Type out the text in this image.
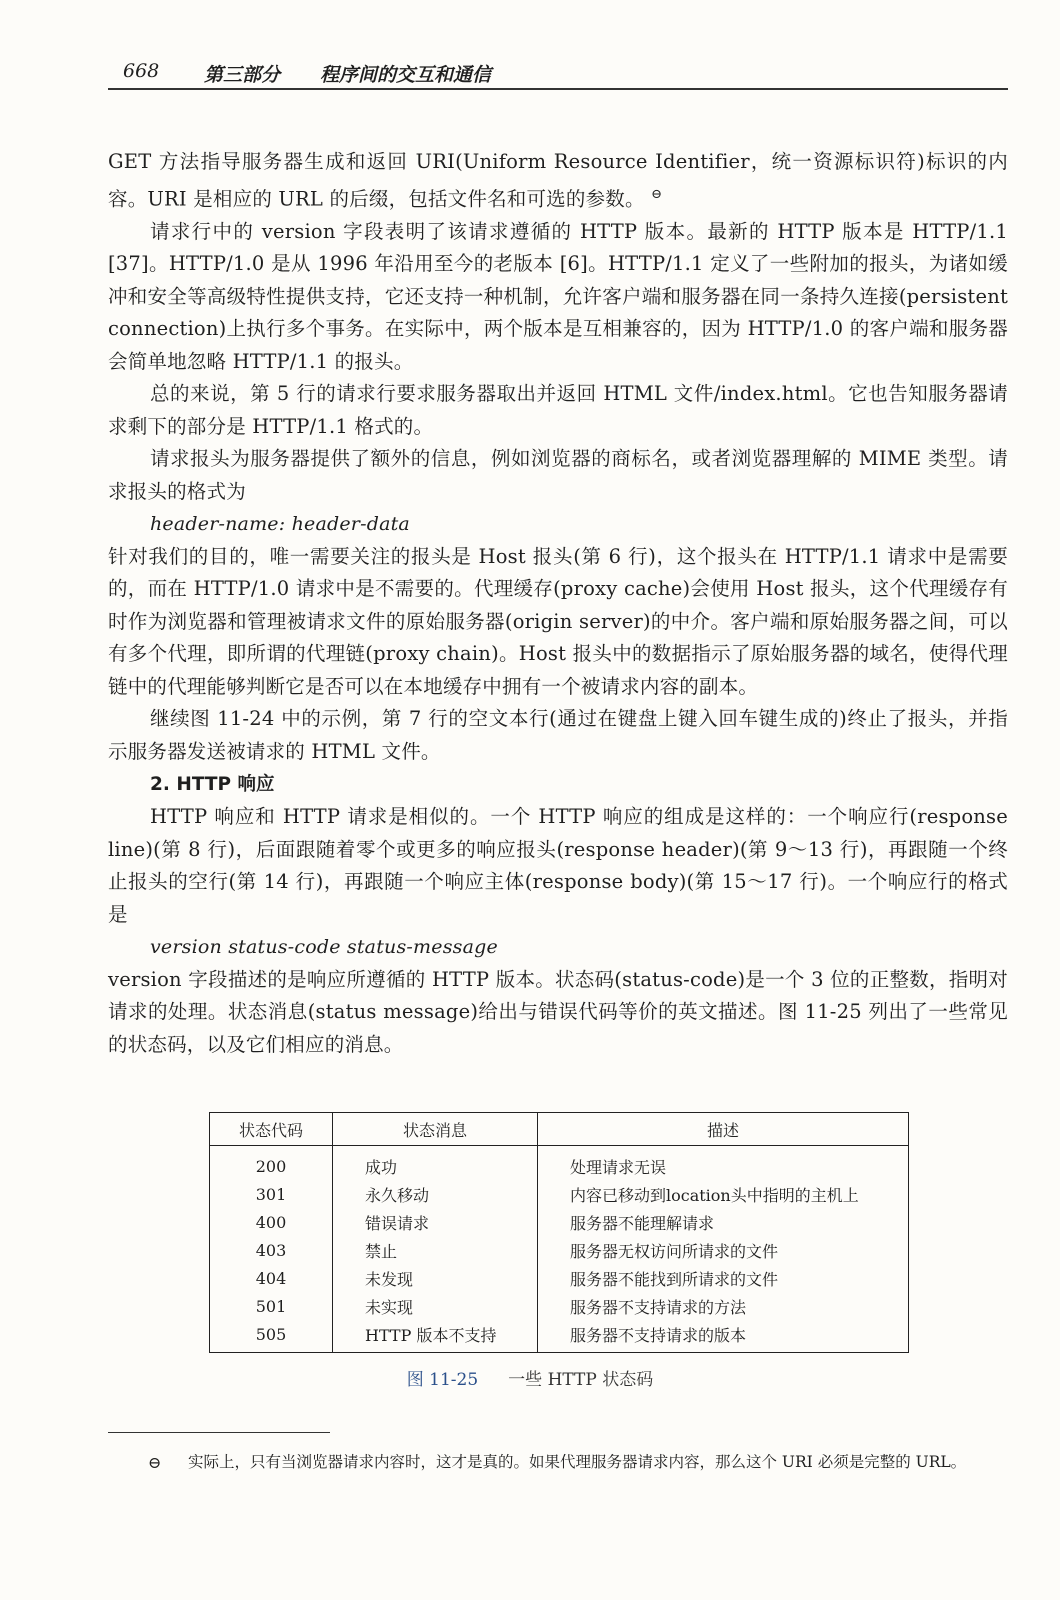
668 第三部分 程序间的交互和通信

GET 方法指导服务器生成和返回 URI(Uniform Resource Identifier，统一资源标识符)标识的内容。URI 是相应的 URL 的后缀，包括文件名和可选的参数。 ⊖

请求行中的 version 字段表明了该请求遵循的 HTTP 版本。最新的 HTTP 版本是 HTTP/1.1 [37]。HTTP/1.0 是从 1996 年沿用至今的老版本 [6]。HTTP/1.1 定义了一些附加的报头，为诸如缓冲和安全等高级特性提供支持，它还支持一种机制，允许客户端和服务器在同一条持久连接(persistent connection)上执行多个事务。在实际中，两个版本是互相兼容的，因为 HTTP/1.0 的客户端和服务器会简单地忽略 HTTP/1.1 的报头。

总的来说，第 5 行的请求行要求服务器取出并返回 HTML 文件/index.html。它也告知服务器请求剩下的部分是 HTTP/1.1 格式的。

请求报头为服务器提供了额外的信息，例如浏览器的商标名，或者浏览器理解的 MIME 类型。请求报头的格式为

header-name: header-data

针对我们的目的，唯一需要关注的报头是 Host 报头(第 6 行)，这个报头在 HTTP/1.1 请求中是需要的，而在 HTTP/1.0 请求中是不需要的。代理缓存(proxy cache)会使用 Host 报头，这个代理缓存有时作为浏览器和管理被请求文件的原始服务器(origin server)的中介。客户端和原始服务器之间，可以有多个代理，即所谓的代理链(proxy chain)。Host 报头中的数据指示了原始服务器的域名，使得代理链中的代理能够判断它是否可以在本地缓存中拥有一个被请求内容的副本。

继续图 11-24 中的示例，第 7 行的空文本行(通过在键盘上键入回车键生成的)终止了报头，并指示服务器发送被请求的 HTML 文件。

2. HTTP 响应

HTTP 响应和 HTTP 请求是相似的。一个 HTTP 响应的组成是这样的：一个响应行(response line)(第 8 行)，后面跟随着零个或更多的响应报头(response header)(第 9～13 行)，再跟随一个终止报头的空行(第 14 行)，再跟随一个响应主体(response body)(第 15～17 行)。一个响应行的格式是

version status-code status-message

version 字段描述的是响应所遵循的 HTTP 版本。状态码(status-code)是一个 3 位的正整数，指明对请求的处理。状态消息(status message)给出与错误代码等价的英文描述。图 11-25 列出了一些常见的状态码，以及它们相应的消息。

状态代码	状态消息	描述
200	成功	处理请求无误
301	永久移动	内容已移动到location头中指明的主机上
400	错误请求	服务器不能理解请求
403	禁止	服务器无权访问所请求的文件
404	未发现	服务器不能找到所请求的文件
501	未实现	服务器不支持请求的方法
505	HTTP 版本不支持	服务器不支持请求的版本
图 11-25 一些 HTTP 状态码
⊖	实际上，只有当浏览器请求内容时，这才是真的。如果代理服务器请求内容，那么这个 URI 必须是完整的 URL。
